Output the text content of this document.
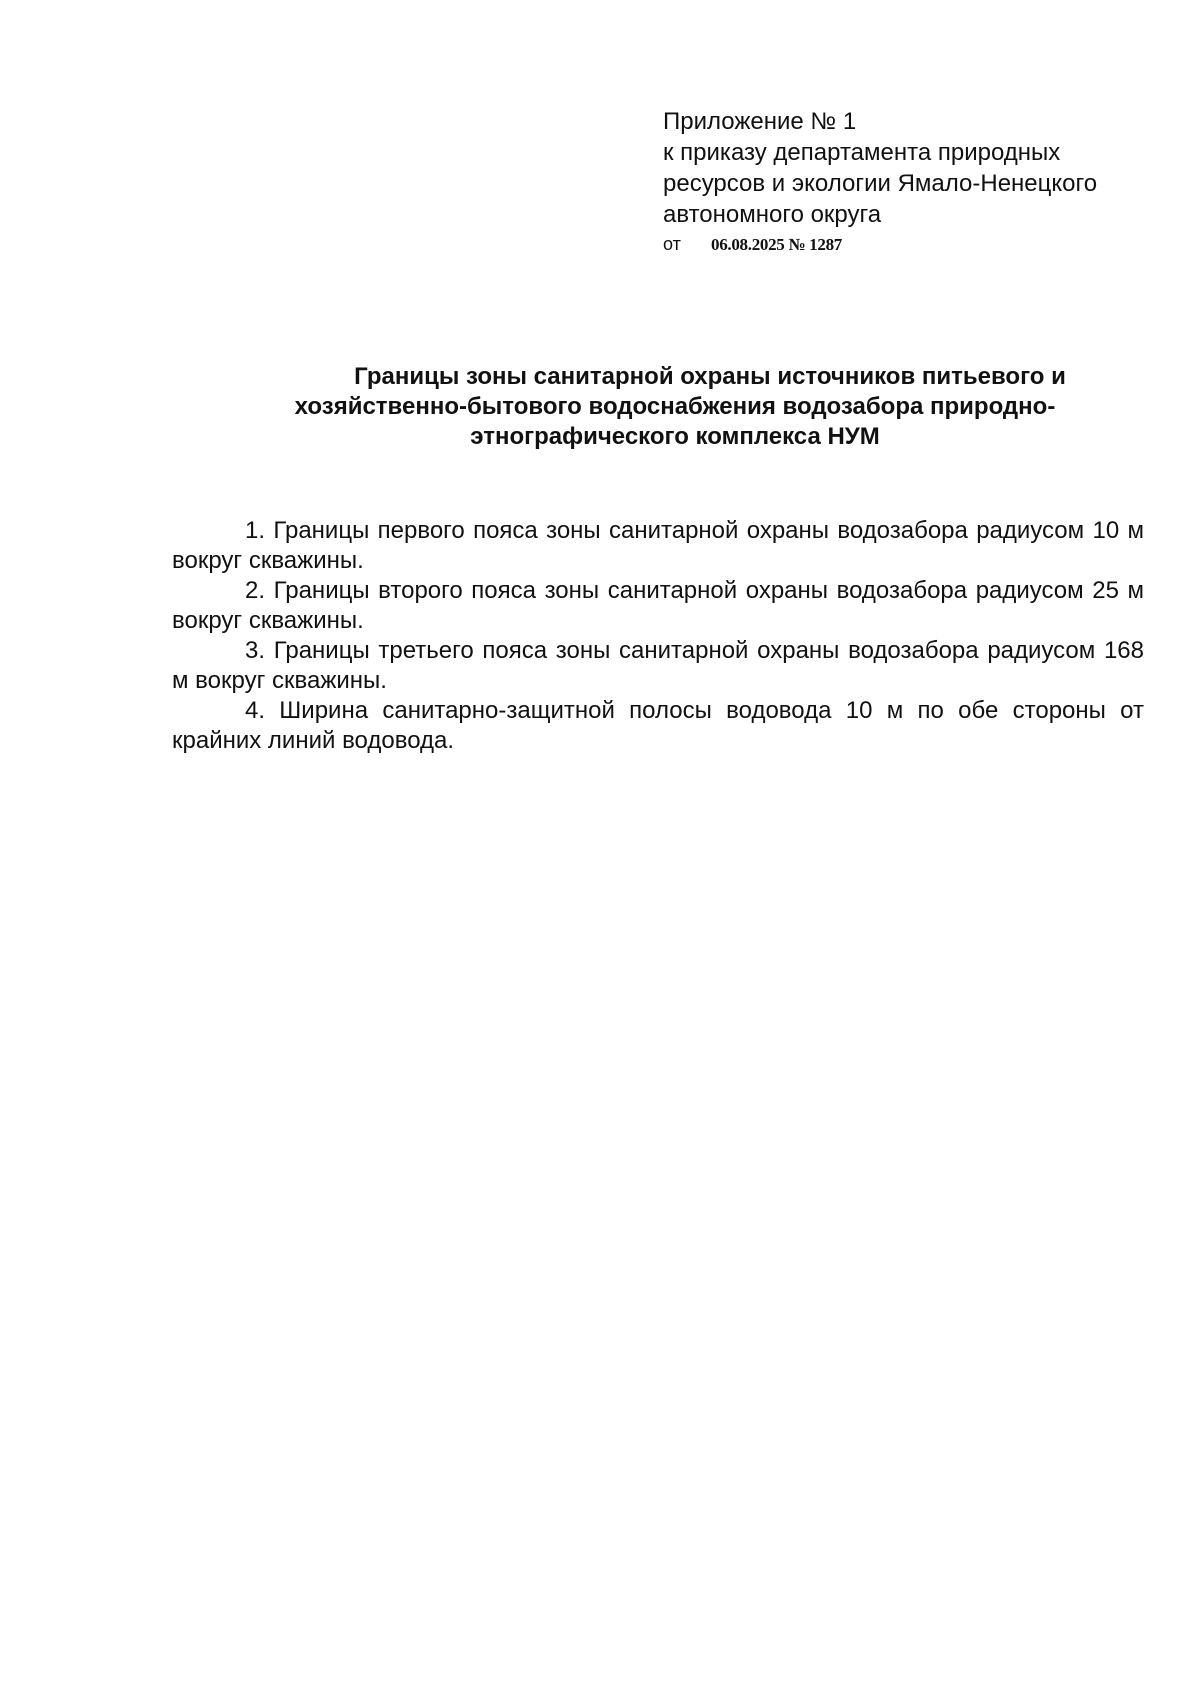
Приложение № 1

к приказу департамента природных

ресурсов и экологии Ямало-Ненецкого

автономного округа

от 06.08.2025 № 1287

Границы зоны санитарной охраны источников питьевого и хозяйственно-бытового водоснабжения водозабора природно-этнографического комплекса НУМ

1. Границы первого пояса зоны санитарной охраны водозабора радиусом 10 м вокруг скважины.

2. Границы второго пояса зоны санитарной охраны водозабора радиусом 25 м вокруг скважины.

3. Границы третьего пояса зоны санитарной охраны водозабора радиусом 168 м вокруг скважины.

4. Ширина санитарно-защитной полосы водовода 10 м по обе стороны от крайних линий водовода.
